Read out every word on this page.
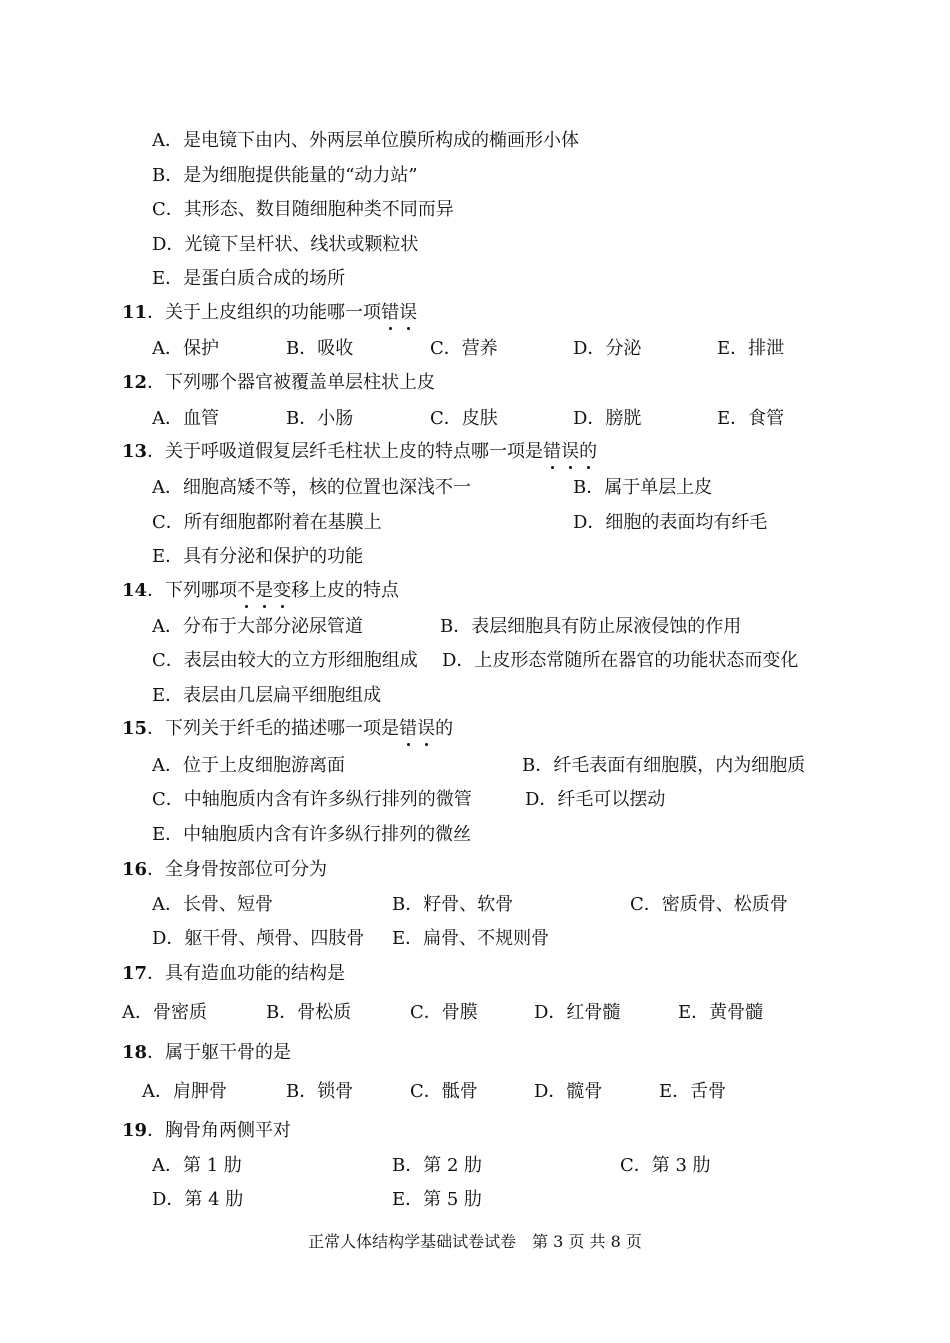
A．是电镜下由内、外两层单位膜所构成的椭画形小体
B．是为细胞提供能量的“动力站”
C．其形态、数目随细胞种类不同而异
D．光镜下呈杆状、线状或颗粒状
E．是蛋白质合成的场所
11．关于上皮组织的功能哪一项错误
A．保护	B．吸收	C．营养	D．分泌	E．排泄
12．下列哪个器官被覆盖单层柱状上皮
A．血管	B．小肠	C．皮肤	D．膀胱	E．食管
13．关于呼吸道假复层纤毛柱状上皮的特点哪一项是错误的
A．细胞高矮不等，核的位置也深浅不一	B．属于单层上皮
C．所有细胞都附着在基膜上	D．细胞的表面均有纤毛
E．具有分泌和保护的功能
14．下列哪项不是变移上皮的特点
A．分布于大部分泌尿管道	B．表层细胞具有防止尿液侵蚀的作用
C．表层由较大的立方形细胞组成 D．上皮形态常随所在器官的功能状态而变化
E．表层由几层扁平细胞组成
15．下列关于纤毛的描述哪一项是错误的
A．位于上皮细胞游离面	B．纤毛表面有细胞膜，内为细胞质
C．中轴胞质内含有许多纵行排列的微管	D．纤毛可以摆动
E．中轴胞质内含有许多纵行排列的微丝
16．全身骨按部位可分为
A．长骨、短骨	B．籽骨、软骨	C．密质骨、松质骨
D．躯干骨、颅骨、四肢骨 E．扁骨、不规则骨
17．具有造血功能的结构是
A．骨密质	B．骨松质	C．骨膜	D．红骨髓	E．黄骨髓
18．属于躯干骨的是
A．肩胛骨	B．锁骨	C．骶骨	D．髋骨	E．舌骨
19．胸骨角两侧平对
A．第 1 肋	B．第 2 肋	C．第 3 肋
D．第 4 肋	E．第 5 肋
正常人体结构学基础试卷试卷　第 3 页 共 8 页
